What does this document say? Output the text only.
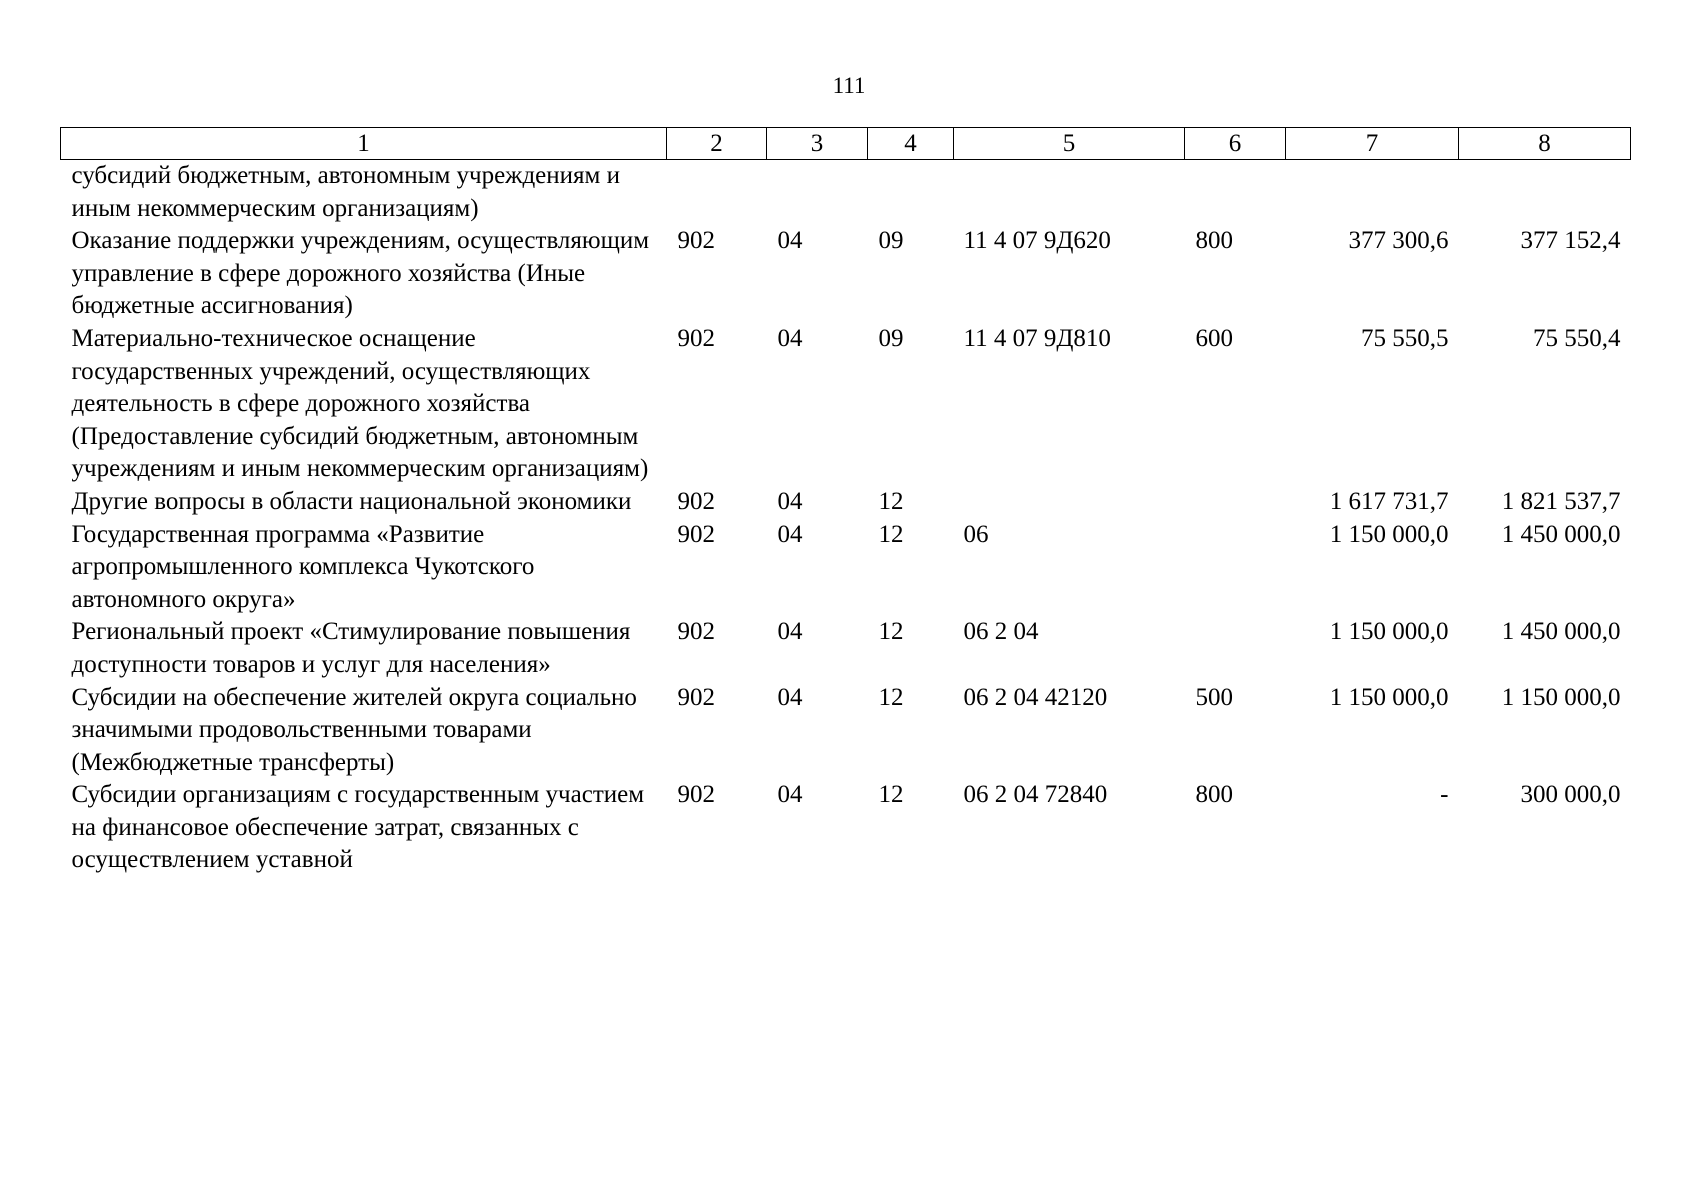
111
1	2	3	4	5	6	7	8
субсидий бюджетным, автономным учреждениям и иным некоммерческим организациям)							
Оказание поддержки учреждениям, осуществляющим управление в сфере дорожного хозяйства (Иные бюджетные ассигнования)	902	04	09	11 4 07 9Д620	800	377 300,6	377 152,4
Материально-техническое оснащение государственных учреждений, осуществляющих деятельность в сфере дорожного хозяйства (Предоставление субсидий бюджетным, автономным учреждениям и иным некоммерческим организациям)	902	04	09	11 4 07 9Д810	600	75 550,5	75 550,4
Другие вопросы в области национальной экономики	902	04	12			1 617 731,7	1 821 537,7
Государственная программа «Развитие агропромышленного комплекса Чукотского автономного округа»	902	04	12	06		1 150 000,0	1 450 000,0
Региональный проект «Стимулирование повышения доступности товаров и услуг для населения»	902	04	12	06 2 04		1 150 000,0	1 450 000,0
Субсидии на обеспечение жителей округа социально значимыми продовольственными товарами (Межбюджетные трансферты)	902	04	12	06 2 04 42120	500	1 150 000,0	1 150 000,0
Субсидии организациям с государственным участием на финансовое обеспечение затрат, связанных с осуществлением уставной	902	04	12	06 2 04 72840	800	-	300 000,0
